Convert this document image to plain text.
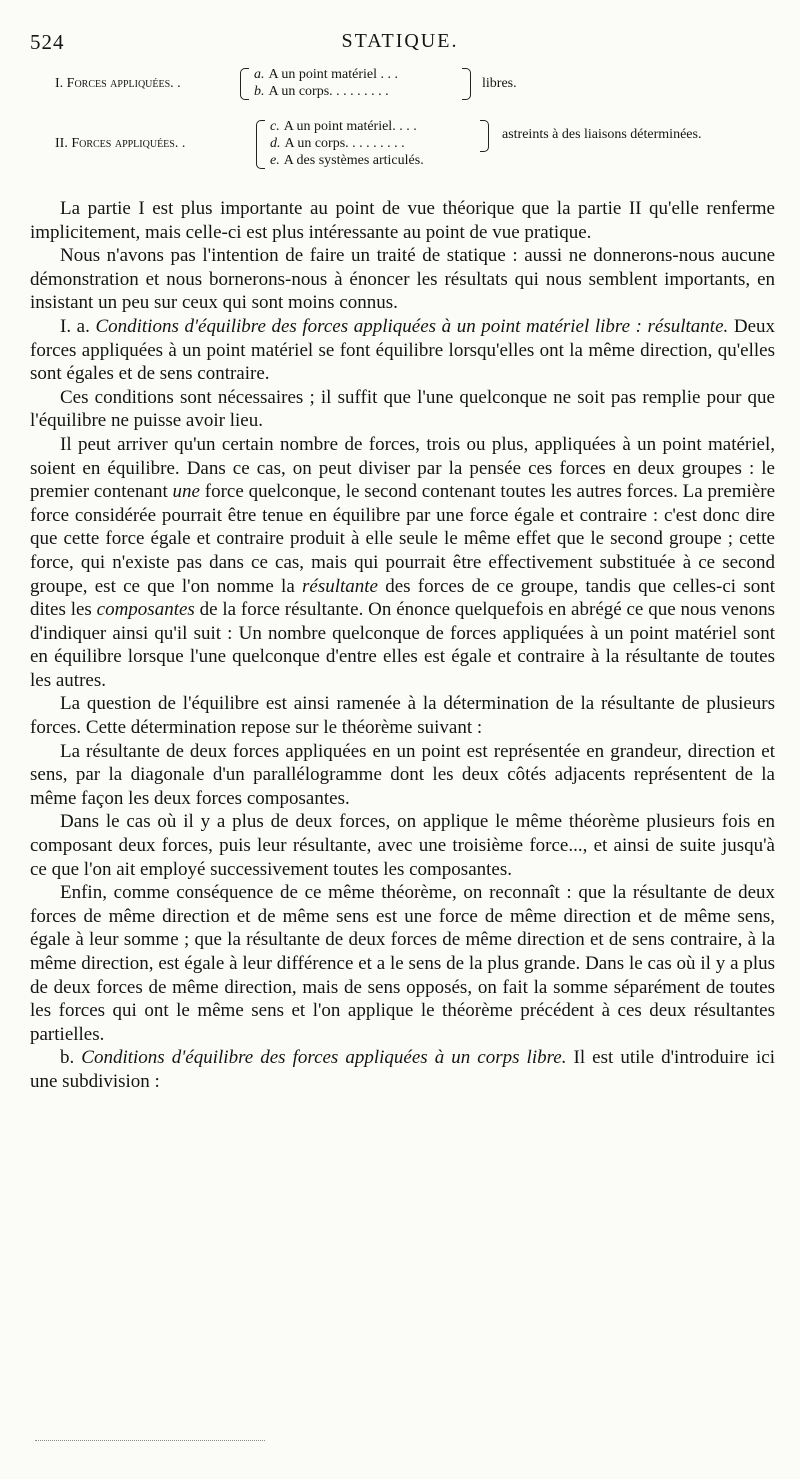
524	STATIQUE.
I. Forces appliquées. .
a. A un point matériel . . .
b. A un corps. . . . . . . . .
libres.
II. Forces appliquées. .
c. A un point matériel. . . .
d. A un corps. . . . . . . . .
e. A des systèmes articulés.
astreints à des liaisons déterminées.

La partie I est plus importante au point de vue théorique que la partie II qu'elle renferme implicitement, mais celle-ci est plus intéressante au point de vue pratique.

Nous n'avons pas l'intention de faire un traité de statique : aussi ne donnerons-nous aucune démonstration et nous bornerons-nous à énoncer les résultats qui nous semblent importants, en insistant un peu sur ceux qui sont moins connus.

I. a. Conditions d'équilibre des forces appliquées à un point matériel libre : résultante. Deux forces appliquées à un point matériel se font équilibre lorsqu'elles ont la même direction, qu'elles sont égales et de sens contraire.

Ces conditions sont nécessaires ; il suffit que l'une quelconque ne soit pas remplie pour que l'équilibre ne puisse avoir lieu.

Il peut arriver qu'un certain nombre de forces, trois ou plus, appliquées à un point matériel, soient en équilibre. Dans ce cas, on peut diviser par la pensée ces forces en deux groupes : le premier contenant une force quelconque, le second contenant toutes les autres forces. La première force considérée pourrait être tenue en équilibre par une force égale et contraire : c'est donc dire que cette force égale et contraire produit à elle seule le même effet que le second groupe ; cette force, qui n'existe pas dans ce cas, mais qui pourrait être effectivement substituée à ce second groupe, est ce que l'on nomme la résultante des forces de ce groupe, tandis que celles-ci sont dites les composantes de la force résultante. On énonce quelquefois en abrégé ce que nous venons d'indiquer ainsi qu'il suit : Un nombre quelconque de forces appliquées à un point matériel sont en équilibre lorsque l'une quelconque d'entre elles est égale et contraire à la résultante de toutes les autres.

La question de l'équilibre est ainsi ramenée à la détermination de la résultante de plusieurs forces. Cette détermination repose sur le théorème suivant :

La résultante de deux forces appliquées en un point est représentée en grandeur, direction et sens, par la diagonale d'un parallélogramme dont les deux côtés adjacents représentent de la même façon les deux forces composantes.

Dans le cas où il y a plus de deux forces, on applique le même théorème plusieurs fois en composant deux forces, puis leur résultante, avec une troisième force..., et ainsi de suite jusqu'à ce que l'on ait employé successivement toutes les composantes.

Enfin, comme conséquence de ce même théorème, on reconnaît : que la résultante de deux forces de même direction et de même sens est une force de même direction et de même sens, égale à leur somme ; que la résultante de deux forces de même direction et de sens contraire, à la même direction, est égale à leur différence et a le sens de la plus grande. Dans le cas où il y a plus de deux forces de même direction, mais de sens opposés, on fait la somme séparément de toutes les forces qui ont le même sens et l'on applique le théorème précédent à ces deux résultantes partielles.

b. Conditions d'équilibre des forces appliquées à un corps libre. Il est utile d'introduire ici une subdivision :
